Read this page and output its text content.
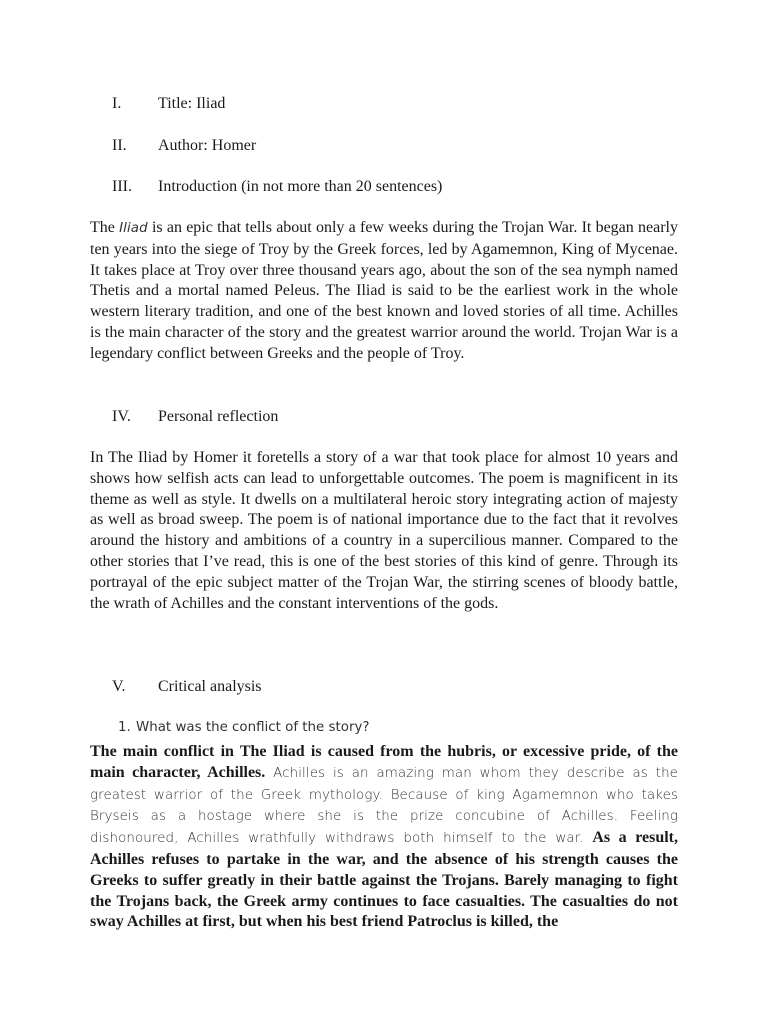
I. Title: Iliad
II. Author: Homer
III. Introduction (in not more than 20 sentences)
The Iliad is an epic that tells about only a few weeks during the Trojan War. It began nearly ten years into the siege of Troy by the Greek forces, led by Agamemnon, King of Mycenae. It takes place at Troy over three thousand years ago, about the son of the sea nymph named Thetis and a mortal named Peleus. The Iliad is said to be the earliest work in the whole western literary tradition, and one of the best known and loved stories of all time. Achilles is the main character of the story and the greatest warrior around the world. Trojan War is a legendary conflict between Greeks and the people of Troy.
IV. Personal reflection
In The Iliad by Homer it foretells a story of a war that took place for almost 10 years and shows how selfish acts can lead to unforgettable outcomes. The poem is magnificent in its theme as well as style. It dwells on a multilateral heroic story integrating action of majesty as well as broad sweep. The poem is of national importance due to the fact that it revolves around the history and ambitions of a country in a supercilious manner. Compared to the other stories that I’ve read, this is one of the best stories of this kind of genre. Through its portrayal of the epic subject matter of the Trojan War, the stirring scenes of bloody battle, the wrath of Achilles and the constant interventions of the gods.
V. Critical analysis
1. What was the conflict of the story?
The main conflict in The Iliad is caused from the hubris, or excessive pride, of the main character, Achilles. Achilles is an amazing man whom they describe as the greatest warrior of the Greek mythology. Because of king Agamemnon who takes Bryseis as a hostage where she is the prize concubine of Achilles. Feeling dishonoured, Achilles wrathfully withdraws both himself to the war. As a result, Achilles refuses to partake in the war, and the absence of his strength causes the Greeks to suffer greatly in their battle against the Trojans. Barely managing to fight the Trojans back, the Greek army continues to face casualties. The casualties do not sway Achilles at first, but when his best friend Patroclus is killed, the
